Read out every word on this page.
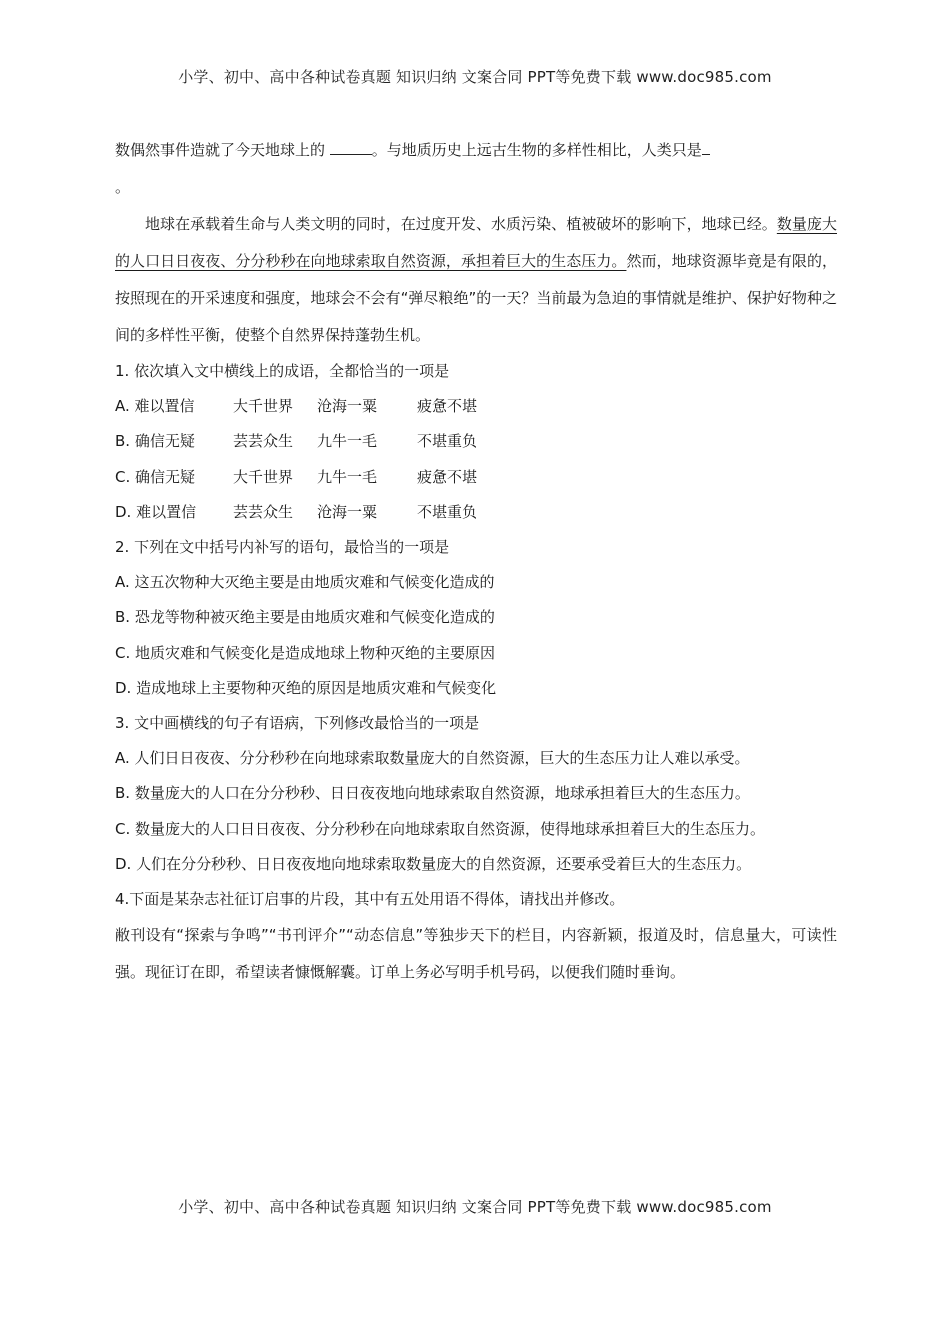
小学、初中、高中各种试卷真题 知识归纳 文案合同 PPT等免费下载 www.doc985.com

数偶然事件造就了今天地球上的	。与地质历史上远古生物的多样性相比，人类只是
。

地球在承载着生命与人类文明的同时，在过度开发、水质污染、植被破坏的影响下，地球已经。数量庞大的人口日日夜夜、分分秒秒在向地球索取自然资源，承担着巨大的生态压力。然而，地球资源毕竟是有限的，按照现在的开采速度和强度，地球会不会有“弹尽粮绝”的一天？当前最为急迫的事情就是维护、保护好物种之间的多样性平衡，使整个自然界保持蓬勃生机。

1. 依次填入文中横线上的成语，全都恰当的一项是

A. 难以置信	大千世界 沧海一粟	疲惫不堪

B. 确信无疑	芸芸众生 九牛一毛	不堪重负

C. 确信无疑	大千世界 九牛一毛	疲惫不堪

D. 难以置信 芸芸众生 沧海一粟	不堪重负

2. 下列在文中括号内补写的语句，最恰当的一项是

A. 这五次物种大灭绝主要是由地质灾难和气候变化造成的

B. 恐龙等物种被灭绝主要是由地质灾难和气候变化造成的

C. 地质灾难和气候变化是造成地球上物种灭绝的主要原因

D. 造成地球上主要物种灭绝的原因是地质灾难和气候变化

3. 文中画横线的句子有语病，下列修改最恰当的一项是

A. 人们日日夜夜、分分秒秒在向地球索取数量庞大的自然资源，巨大的生态压力让人难以承受。

B. 数量庞大的人口在分分秒秒、日日夜夜地向地球索取自然资源，地球承担着巨大的生态压力。

C. 数量庞大的人口日日夜夜、分分秒秒在向地球索取自然资源，使得地球承担着巨大的生态压力。

D. 人们在分分秒秒、日日夜夜地向地球索取数量庞大的自然资源，还要承受着巨大的生态压力。

4.下面是某杂志社征订启事的片段，其中有五处用语不得体，请找出并修改。

敝刊设有“探索与争鸣”“书刊评介”“动态信息”等独步天下的栏目，内容新颖，报道及时，信息量大，可读性强。现征订在即，希望读者慷慨解囊。订单上务必写明手机号码，以便我们随时垂询。

小学、初中、高中各种试卷真题 知识归纳 文案合同 PPT等免费下载 www.doc985.com
